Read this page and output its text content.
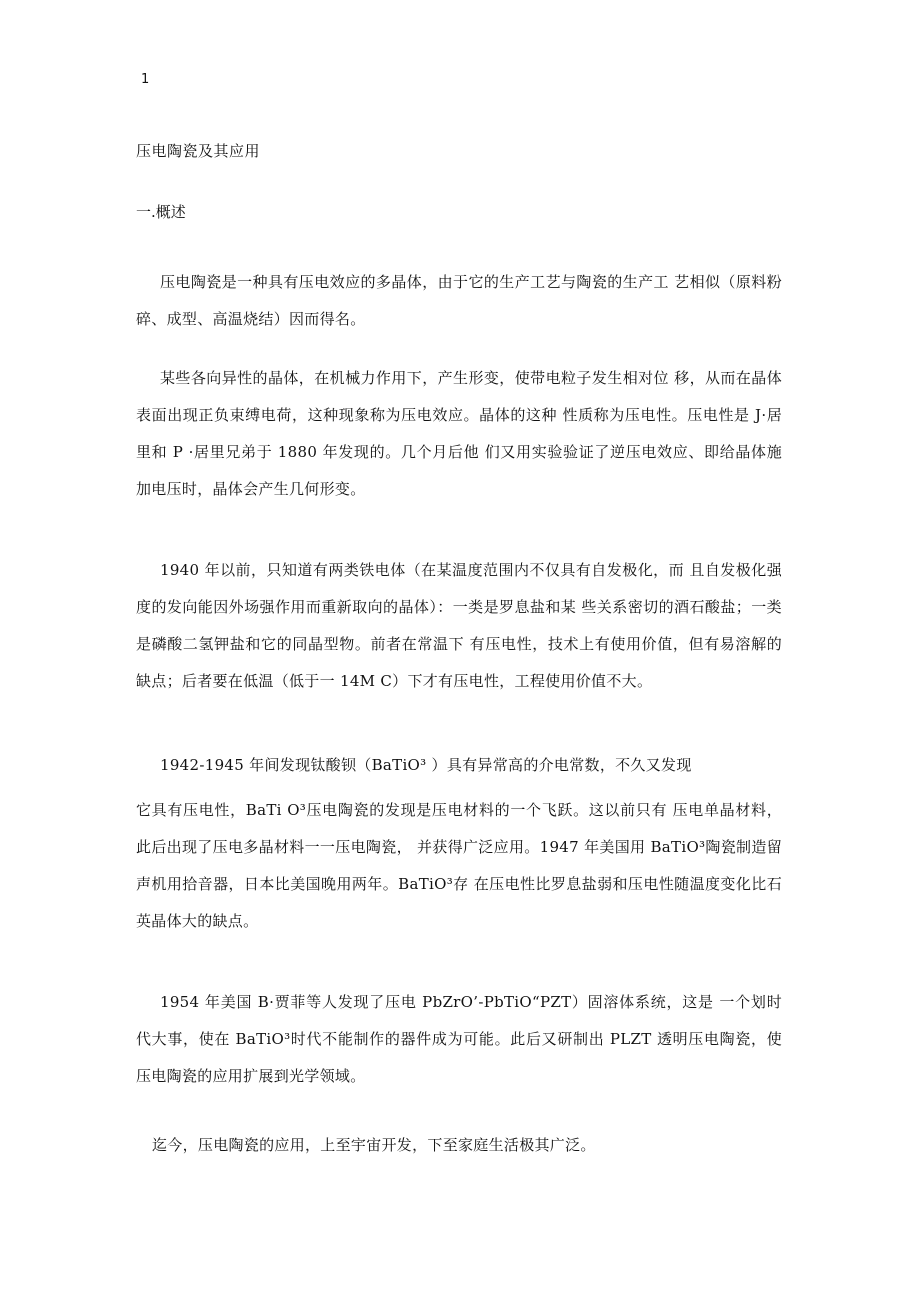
1
压电陶瓷及其应用
一.概述

压电陶瓷是一种具有压电效应的多晶体，由于它的生产工艺与陶瓷的生产工 艺相似（原料粉碎、成型、高温烧结）因而得名。

某些各向异性的晶体，在机械力作用下，产生形变，使带电粒子发生相对位 移，从而在晶体表面出现正负束缚电荷，这种现象称为压电效应。晶体的这种 性质称为压电性。压电性是 J·居里和 P ·居里兄弟于 1880 年发现的。几个月后他 们又用实验验证了逆压电效应、即给晶体施加电压时，晶体会产生几何形变。

1940 年以前，只知道有两类铁电体（在某温度范围内不仅具有自发极化，而 且自发极化强度的发向能因外场强作用而重新取向的晶体）：一类是罗息盐和某 些关系密切的酒石酸盐；一类是磷酸二氢钾盐和它的同晶型物。前者在常温下 有压电性，技术上有使用价值，但有易溶解的缺点；后者要在低温（低于一 14M C）下才有压电性，工程使用价值不大。

1942-1945 年间发现钛酸钡（BaTiO³ ）具有异常高的介电常数，不久又发现

它具有压电性，BaTi O³压电陶瓷的发现是压电材料的一个飞跃。这以前只有 压电单晶材料，此后出现了压电多晶材料一一压电陶瓷， 并获得广泛应用。1947 年美国用 BaTiO³陶瓷制造留声机用拾音器，日本比美国晚用两年。BaTiO³存 在压电性比罗息盐弱和压电性随温度变化比石英晶体大的缺点。

1954 年美国 B·贾菲等人发现了压电 PbZrO’-PbTiO“PZT）固溶体系统，这是 一个划时代大事，使在 BaTiO³时代不能制作的器件成为可能。此后又研制出 PLZT 透明压电陶瓷，使压电陶瓷的应用扩展到光学领域。

迄今，压电陶瓷的应用，上至宇宙开发，下至家庭生活极其广泛。
